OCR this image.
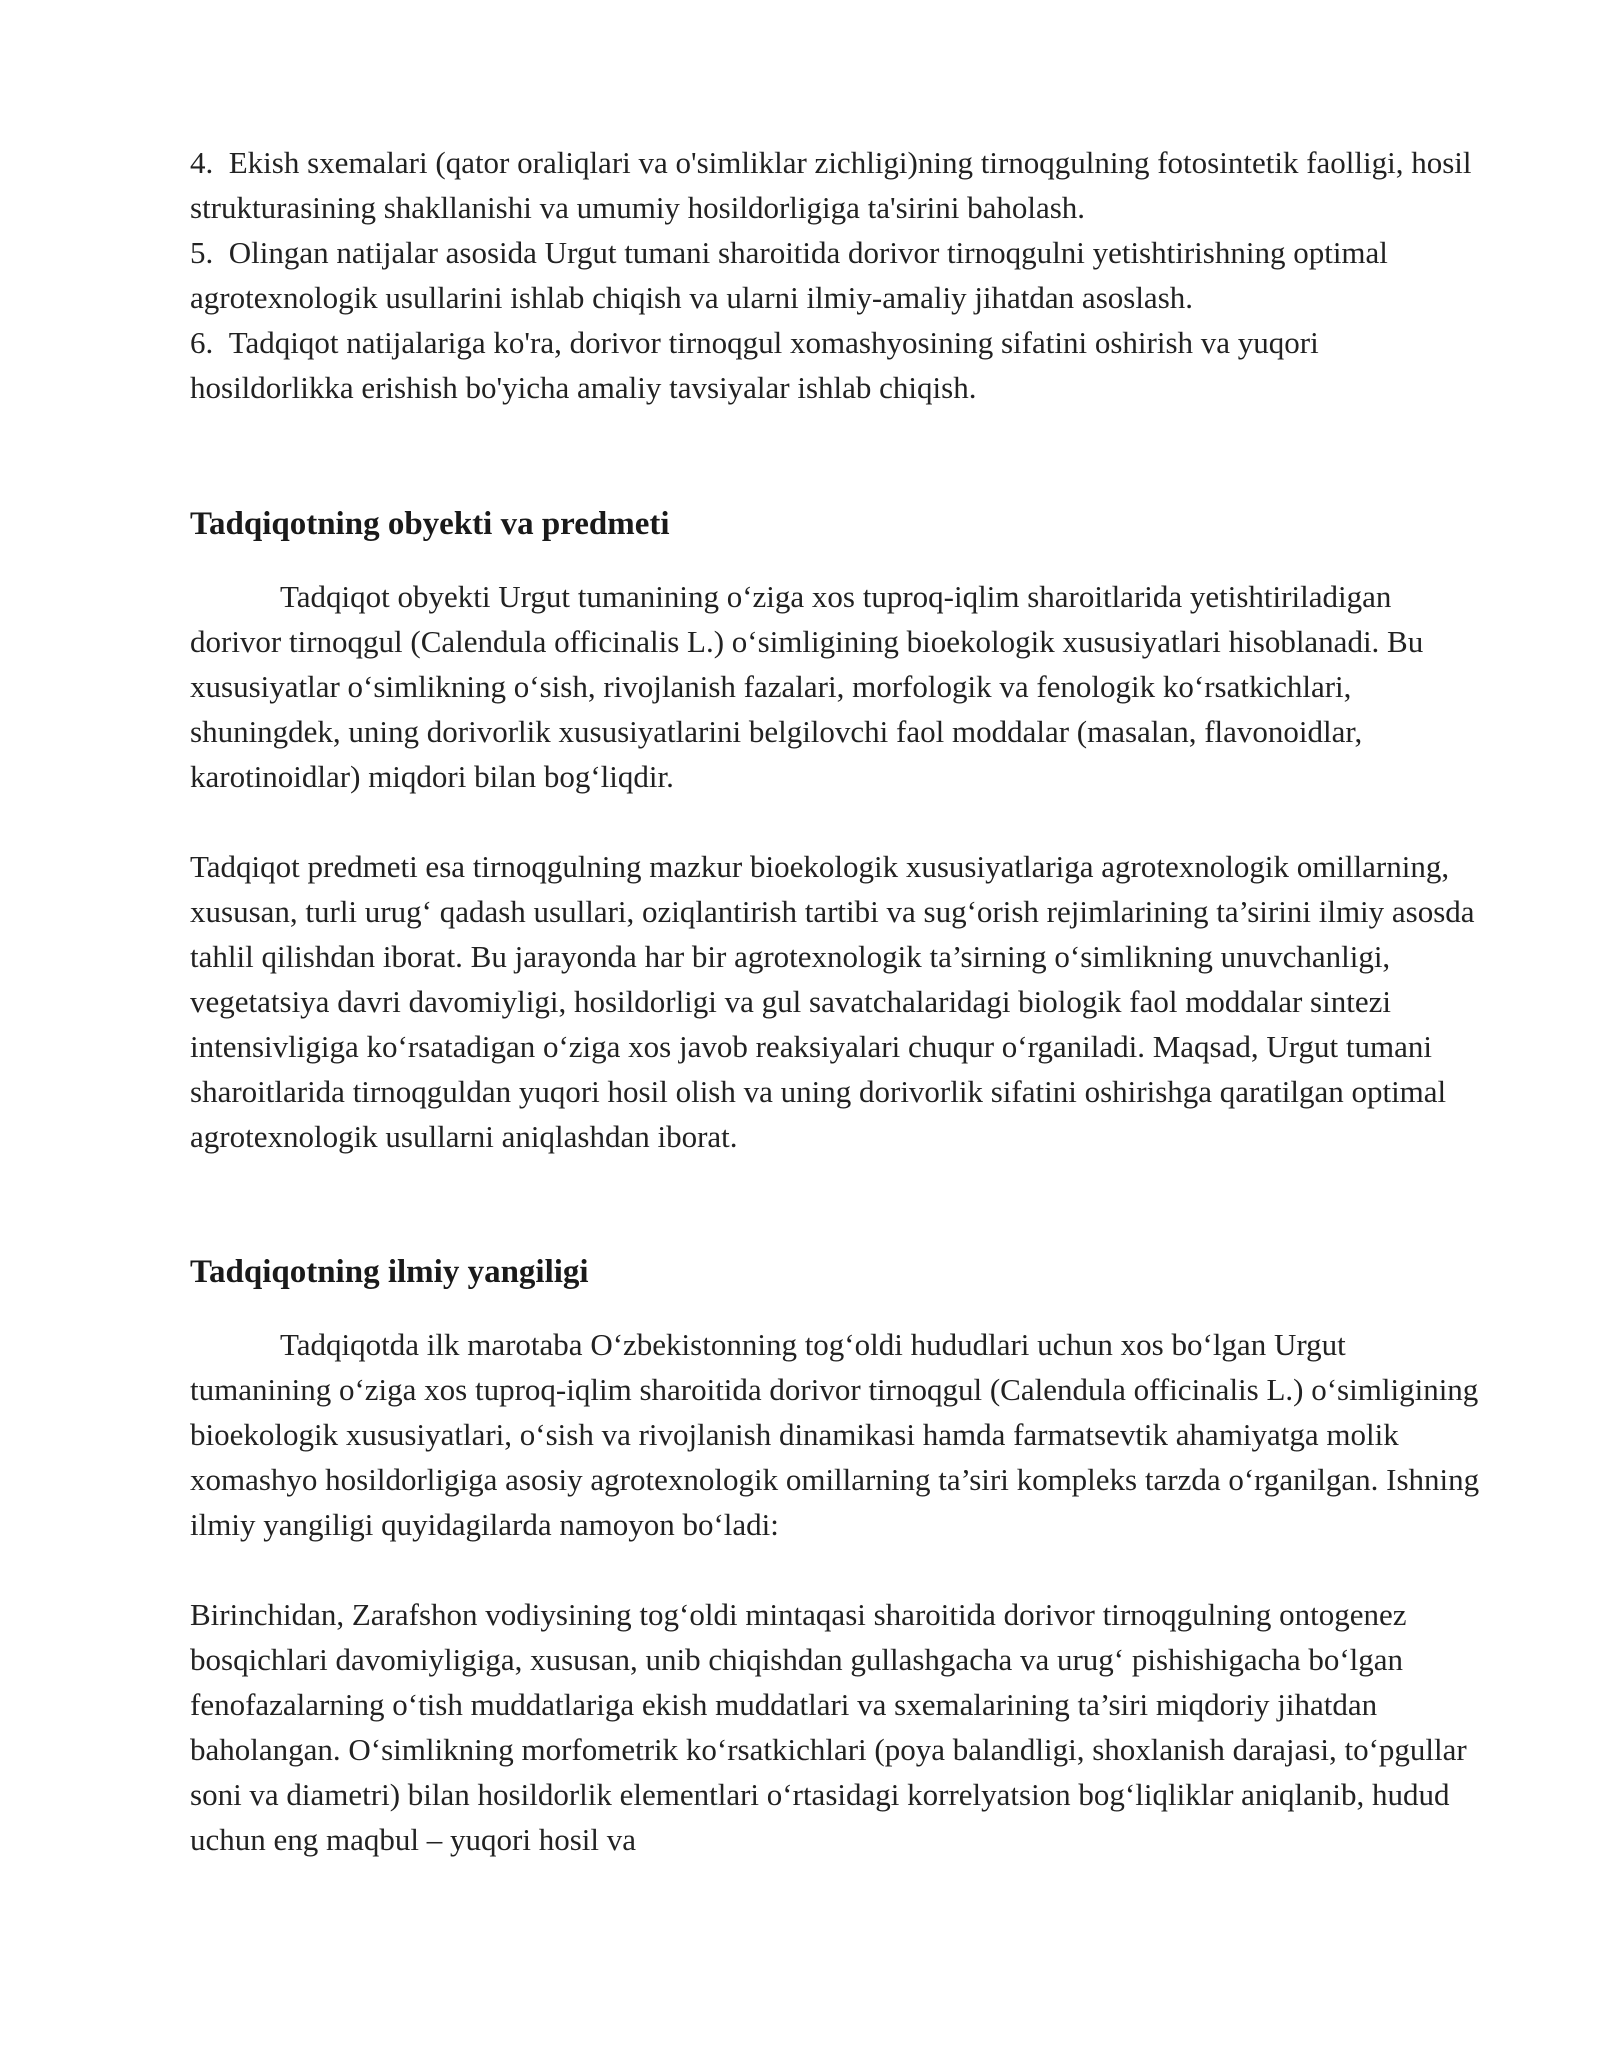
4. Ekish sxemalari (qator oraliqlari va o'simliklar zichligi)ning tirnoqgulning fotosintetik faolligi, hosil strukturasining shakllanishi va umumiy hosildorligiga ta'sirini baholash.

5. Olingan natijalar asosida Urgut tumani sharoitida dorivor tirnoqgulni yetishtirishning optimal agrotexnologik usullarini ishlab chiqish va ularni ilmiy-amaliy jihatdan asoslash.

6. Tadqiqot natijalariga ko'ra, dorivor tirnoqgul xomashyosining sifatini oshirish va yuqori hosildorlikka erishish bo'yicha amaliy tavsiyalar ishlab chiqish.

Tadqiqotning obyekti va predmeti

Tadqiqot obyekti Urgut tumanining oʻziga xos tuproq-iqlim sharoitlarida yetishtiriladigan dorivor tirnoqgul (Calendula officinalis L.) oʻsimligining bioekologik xususiyatlari hisoblanadi. Bu xususiyatlar oʻsimlikning oʻsish, rivojlanish fazalari, morfologik va fenologik koʻrsatkichlari, shuningdek, uning dorivorlik xususiyatlarini belgilovchi faol moddalar (masalan, flavonoidlar, karotinoidlar) miqdori bilan bogʻliqdir.

Tadqiqot predmeti esa tirnoqgulning mazkur bioekologik xususiyatlariga agrotexnologik omillarning, xususan, turli urugʻ qadash usullari, oziqlantirish tartibi va sugʻorish rejimlarining ta’sirini ilmiy asosda tahlil qilishdan iborat. Bu jarayonda har bir agrotexnologik ta’sirning oʻsimlikning unuvchanligi, vegetatsiya davri davomiyligi, hosildorligi va gul savatchalaridagi biologik faol moddalar sintezi intensivligiga koʻrsatadigan oʻziga xos javob reaksiyalari chuqur oʻrganiladi. Maqsad, Urgut tumani sharoitlarida tirnoqguldan yuqori hosil olish va uning dorivorlik sifatini oshirishga qaratilgan optimal agrotexnologik usullarni aniqlashdan iborat.

Tadqiqotning ilmiy yangiligi

Tadqiqotda ilk marotaba Oʻzbekistonning togʻoldi hududlari uchun xos boʻlgan Urgut tumanining oʻziga xos tuproq-iqlim sharoitida dorivor tirnoqgul (Calendula officinalis L.) oʻsimligining bioekologik xususiyatlari, oʻsish va rivojlanish dinamikasi hamda farmatsevtik ahamiyatga molik xomashyo hosildorligiga asosiy agrotexnologik omillarning ta’siri kompleks tarzda oʻrganilgan. Ishning ilmiy yangiligi quyidagilarda namoyon boʻladi:

Birinchidan, Zarafshon vodiysining togʻoldi mintaqasi sharoitida dorivor tirnoqgulning ontogenez bosqichlari davomiyligiga, xususan, unib chiqishdan gullashgacha va urugʻ pishishigacha boʻlgan fenofazalarning oʻtish muddatlariga ekish muddatlari va sxemalarining ta’siri miqdoriy jihatdan baholangan. Oʻsimlikning morfometrik koʻrsatkichlari (poya balandligi, shoxlanish darajasi, toʻpgullar soni va diametri) bilan hosildorlik elementlari oʻrtasidagi korrelyatsion bogʻliqliklar aniqlanib, hudud uchun eng maqbul – yuqori hosil va
